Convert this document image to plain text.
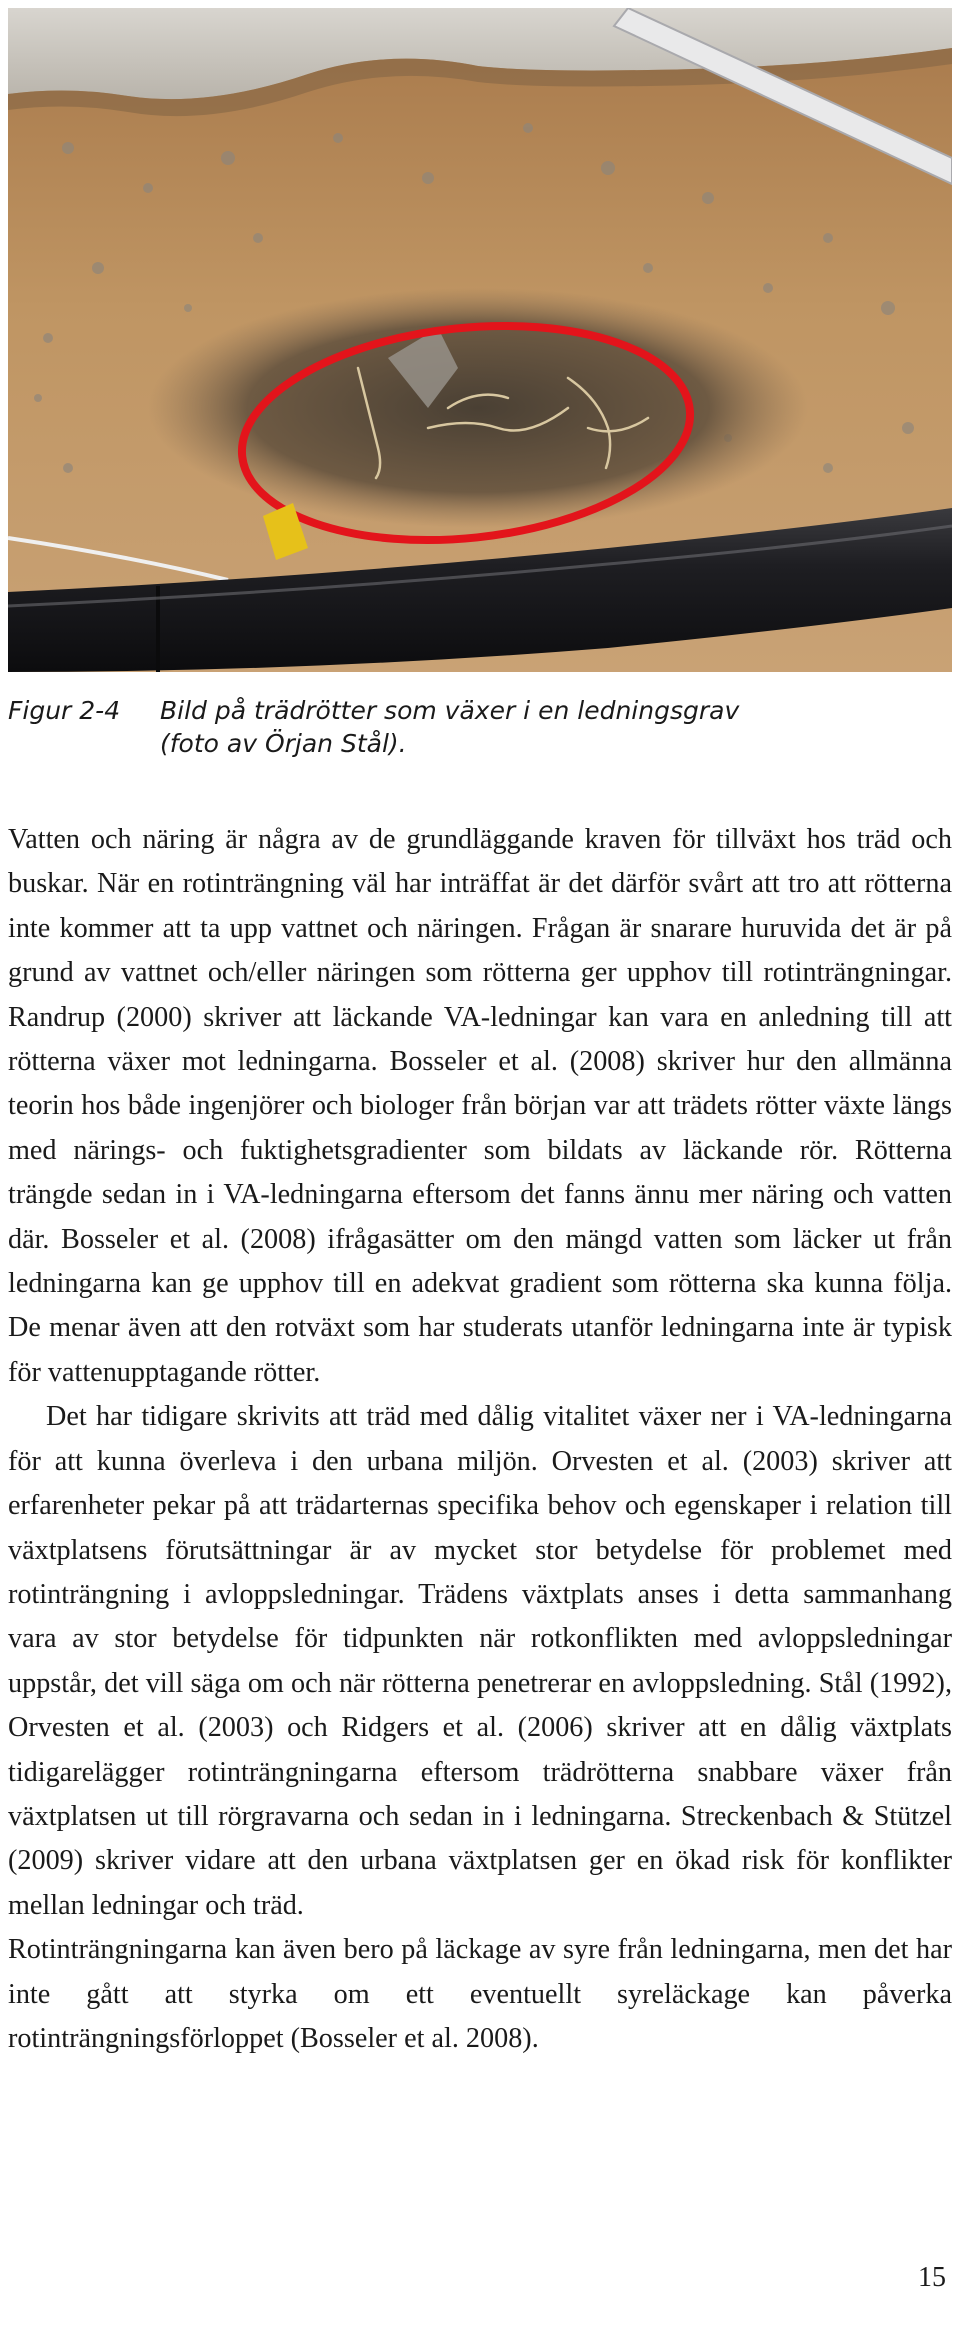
Figur 2-4	Bild på trädrötter som växer i en ledningsgrav
(foto av Örjan Stål).

Vatten och näring är några av de grundläggande kraven för tillväxt hos träd och buskar. När en rotinträngning väl har inträffat är det därför svårt att tro att rötterna inte kommer att ta upp vattnet och näringen. Frågan är snarare huruvida det är på grund av vattnet och/eller näringen som rötterna ger upphov till rotinträngningar. Randrup (2000) skriver att läckande VA-ledningar kan vara en anledning till att rötterna växer mot ledningarna. Bosseler et al. (2008) skriver hur den allmänna teorin hos både ingenjörer och biologer från början var att trädets rötter växte längs med närings- och fuktighetsgradienter som bildats av läckande rör. Rötterna trängde sedan in i VA-ledningarna eftersom det fanns ännu mer näring och vatten där. Bosseler et al. (2008) ifrågasätter om den mängd vatten som läcker ut från ledningarna kan ge upphov till en adekvat gradient som rötterna ska kunna följa. De menar även att den rotväxt som har studerats utanför ledningarna inte är typisk för vattenupptagande rötter.

Det har tidigare skrivits att träd med dålig vitalitet växer ner i VA-ledningarna för att kunna överleva i den urbana miljön. Orvesten et al. (2003) skriver att erfarenheter pekar på att trädarternas specifika behov och egenskaper i relation till växtplatsens förutsättningar är av mycket stor betydelse för problemet med rotinträngning i avloppsledningar. Trädens växtplats anses i detta sammanhang vara av stor betydelse för tidpunkten när rotkonflikten med avloppsledningar uppstår, det vill säga om och när rötterna penetrerar en avloppsledning. Stål (1992), Orvesten et al. (2003) och Ridgers et al. (2006) skriver att en dålig växtplats tidigarelägger rotinträngningarna eftersom trädrötterna snabbare växer från växtplatsen ut till rörgravarna och sedan in i ledningarna. Streckenbach & Stützel (2009) skriver vidare att den urbana växtplatsen ger en ökad risk för konflikter mellan ledningar och träd.

Rotinträngningarna kan även bero på läckage av syre från ledningarna, men det har inte gått att styrka om ett eventuellt syreläckage kan påverka rotinträngningsförloppet (Bosseler et al. 2008).

15
